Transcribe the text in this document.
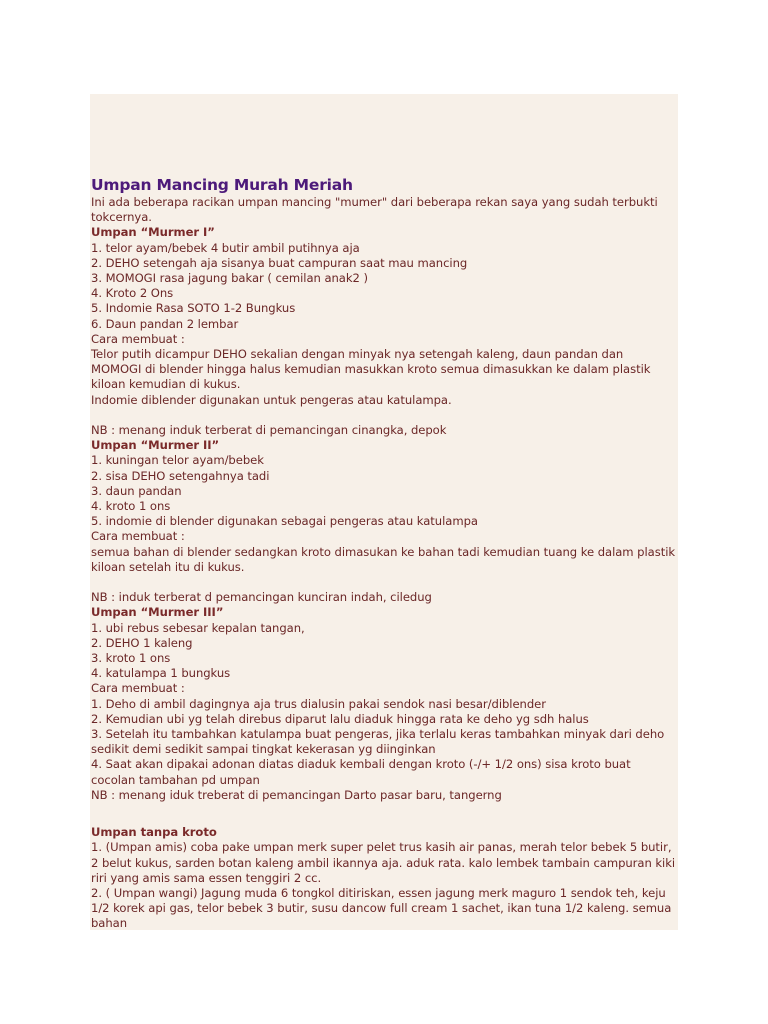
Umpan Mancing Murah Meriah

Ini ada beberapa racikan umpan mancing "mumer" dari beberapa rekan saya yang sudah terbukti tokcernya.

Umpan “Murmer I”
1. telor ayam/bebek 4 butir ambil putihnya aja
2. DEHO setengah aja sisanya buat campuran saat mau mancing
3. MOMOGI rasa jagung bakar ( cemilan anak2 )
4. Kroto 2 Ons
5. Indomie Rasa SOTO 1-2 Bungkus
6. Daun pandan 2 lembar
Cara membuat :

Telor putih dicampur DEHO sekalian dengan minyak nya setengah kaleng, daun pandan dan MOMOGI di blender hingga halus kemudian masukkan kroto semua dimasukkan ke dalam plastik kiloan kemudian di kukus.

Indomie diblender digunakan untuk pengeras atau katulampa.

NB : menang induk terberat di pemancingan cinangka, depok
Umpan “Murmer II”
1. kuningan telor ayam/bebek
2. sisa DEHO setengahnya tadi
3. daun pandan
4. kroto 1 ons
5. indomie di blender digunakan sebagai pengeras atau katulampa
Cara membuat :

semua bahan di blender sedangkan kroto dimasukan ke bahan tadi kemudian tuang ke dalam plastik kiloan setelah itu di kukus.

NB : induk terberat d pemancingan kunciran indah, ciledug
Umpan “Murmer III”
1. ubi rebus sebesar kepalan tangan,
2. DEHO 1 kaleng
3. kroto 1 ons
4. katulampa 1 bungkus
Cara membuat :

1. Deho di ambil dagingnya aja trus dialusin pakai sendok nasi besar/diblender

2. Kemudian ubi yg telah direbus diparut lalu diaduk hingga rata ke deho yg sdh halus

3. Setelah itu tambahkan katulampa buat pengeras, jika terlalu keras tambahkan minyak dari deho sedikit demi sedikit sampai tingkat kekerasan yg diinginkan

4. Saat akan dipakai adonan diatas diaduk kembali dengan kroto (-/+ 1/2 ons) sisa kroto buat cocolan tambahan pd umpan

NB : menang iduk treberat di pemancingan Darto pasar baru, tangerng
Umpan tanpa kroto

1. (Umpan amis) coba pake umpan merk super pelet trus kasih air panas, merah telor bebek 5 butir, 2 belut kukus, sarden botan kaleng ambil ikannya aja. aduk rata. kalo lembek tambain campuran kiki riri yang amis sama essen tenggiri 2 cc.

2. ( Umpan wangi) Jagung muda 6 tongkol ditiriskan, essen jagung merk maguro 1 sendok teh, keju 1/2 korek api gas, telor bebek 3 butir, susu dancow full cream 1 sachet, ikan tuna 1/2 kaleng. semua bahan
